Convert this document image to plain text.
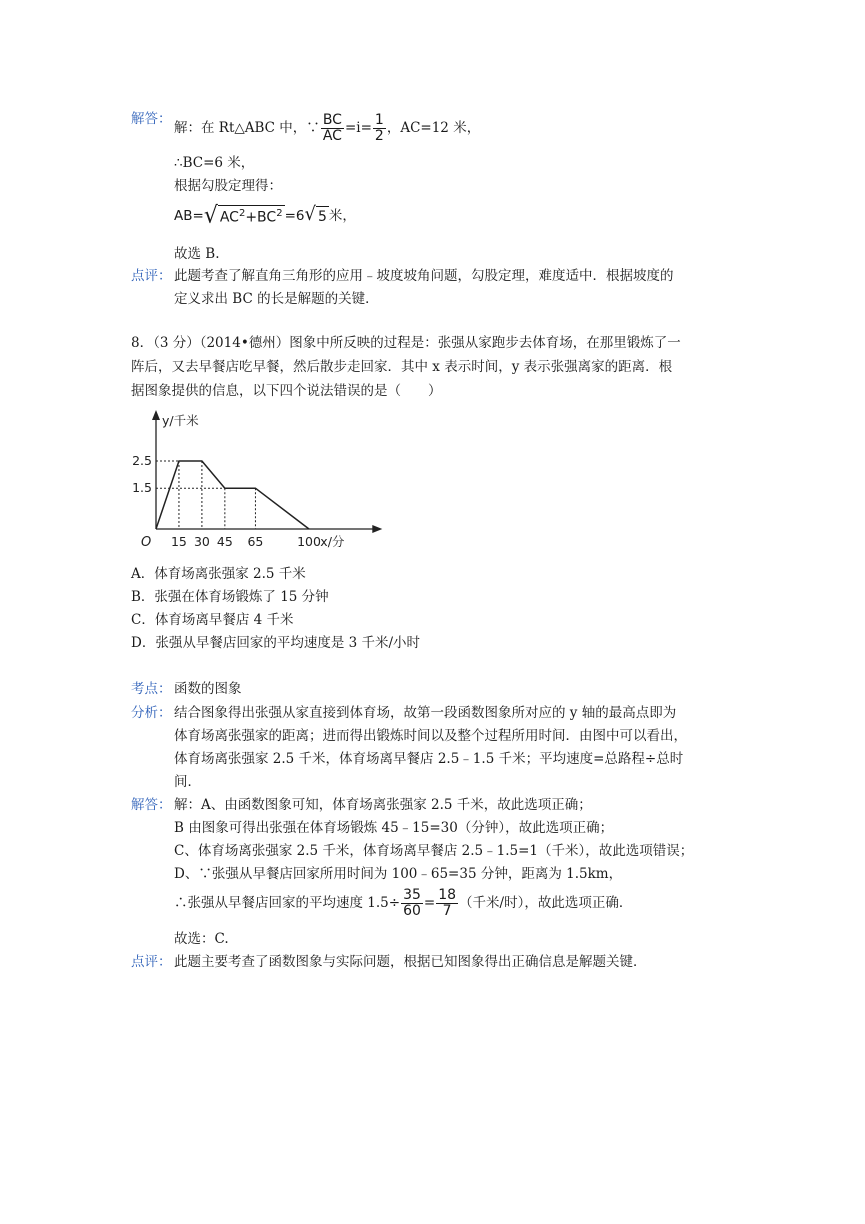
解答：
解：在 Rt△ABC 中，∵ $\frac{BC}{AC} =i= \frac{1}{2}$ ，AC=12 米，
∴BC=6 米，
根据勾股定理得：
AB= √ $AC^2+BC^2 =6$ √ 5 米，
故选 B.
点评： 此题考查了解直角三角形的应用﹣坡度坡角问题，勾股定理，难度适中．根据坡度的
定义求出 BC 的长是解题的关键．
8．（3 分）（2014•德州）图象中所反映的过程是：张强从家跑步去体育场，在那里锻炼了一
阵后，又去早餐店吃早餐，然后散步走回家．其中 x 表示时间，y 表示张强离家的距离．根
据图象提供的信息，以下四个说法错误的是（　　）
15 30 45 65	100
2.5
1.5
O
y/千米
x/分
A．体育场离张强家 2.5 千米
B．张强在体育场锻炼了 15 分钟
C．体育场离早餐店 4 千米
D．张强从早餐店回家的平均速度是 3 千米/小时
考点： 函数的图象
分析： 结合图象得出张强从家直接到体育场，故第一段函数图象所对应的 y 轴的最高点即为
体育场离张强家的距离；进而得出锻炼时间以及整个过程所用时间．由图中可以看出，
体育场离张强家 2.5 千米，体育场离早餐店 2.5﹣1.5 千米；平均速度=总路程÷总时
间．
解答： 解：A、由函数图象可知，体育场离张强家 2.5 千米，故此选项正确；
B 由图象可得出张强在体育场锻炼 45﹣15=30（分钟），故此选项正确；
C、体育场离张强家 2.5 千米，体育场离早餐店 2.5﹣1.5=1（千米），故此选项错误；
D、∵张强从早餐店回家所用时间为 100﹣65=35 分钟，距离为 1.5km，
∴张强从早餐店回家的平均速度 $1.5\div \frac{35}{60} = \frac{18}{7}$ （千米/时），故此选项正确．
故选：C.
点评： 此题主要考查了函数图象与实际问题，根据已知图象得出正确信息是解题关键．
